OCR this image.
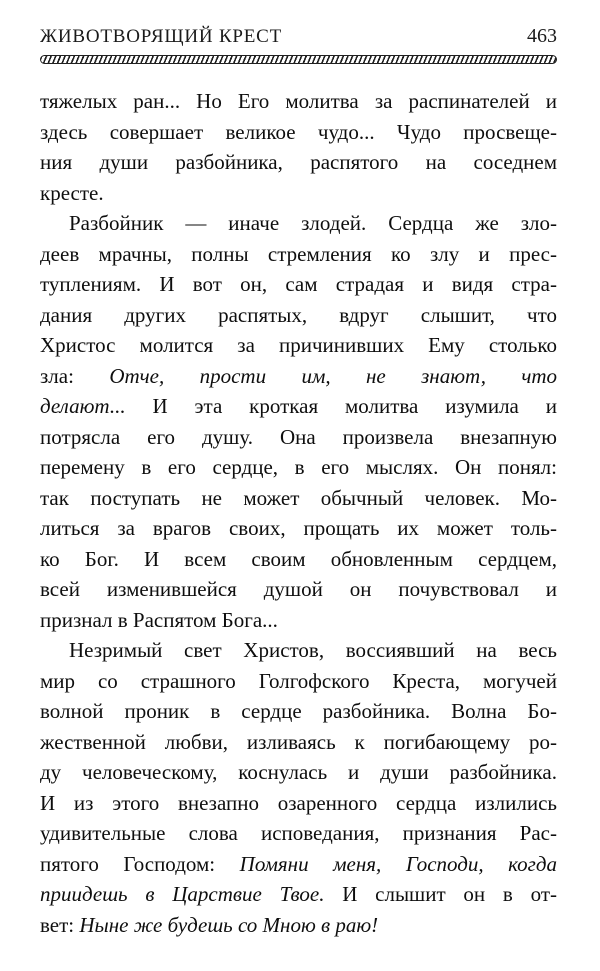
ЖИВОТВОРЯЩИЙ КРЕСТ	463
тяжелых ран... Но Его молитва за распинателей и
здесь совершает великое чудо... Чудо просвеще-
ния души разбойника, распятого на соседнем
кресте.
Разбойник — иначе злодей. Сердца же зло-
деев мрачны, полны стремления ко злу и прес-
туплениям. И вот он, сам страдая и видя стра-
дания других распятых, вдруг слышит, что
Христос молится за причинивших Ему столько
зла: Отче, прости им, не знают, что
делают... И эта кроткая молитва изумила и
потрясла его душу. Она произвела внезапную
перемену в его сердце, в его мыслях. Он понял:
так поступать не может обычный человек. Мо-
литься за врагов своих, прощать их может толь-
ко Бог. И всем своим обновленным сердцем,
всей изменившейся душой он почувствовал и
признал в Распятом Бога...
Незримый свет Христов, воссиявший на весь
мир со страшного Голгофского Креста, могучей
волной проник в сердце разбойника. Волна Бо-
жественной любви, изливаясь к погибающему ро-
ду человеческому, коснулась и души разбойника.
И из этого внезапно озаренного сердца излились
удивительные слова исповедания, признания Рас-
пятого Господом: Помяни меня, Господи, когда
приидешь в Царствие Твое. И слышит он в от-
вет: Ныне же будешь со Мною в раю!
